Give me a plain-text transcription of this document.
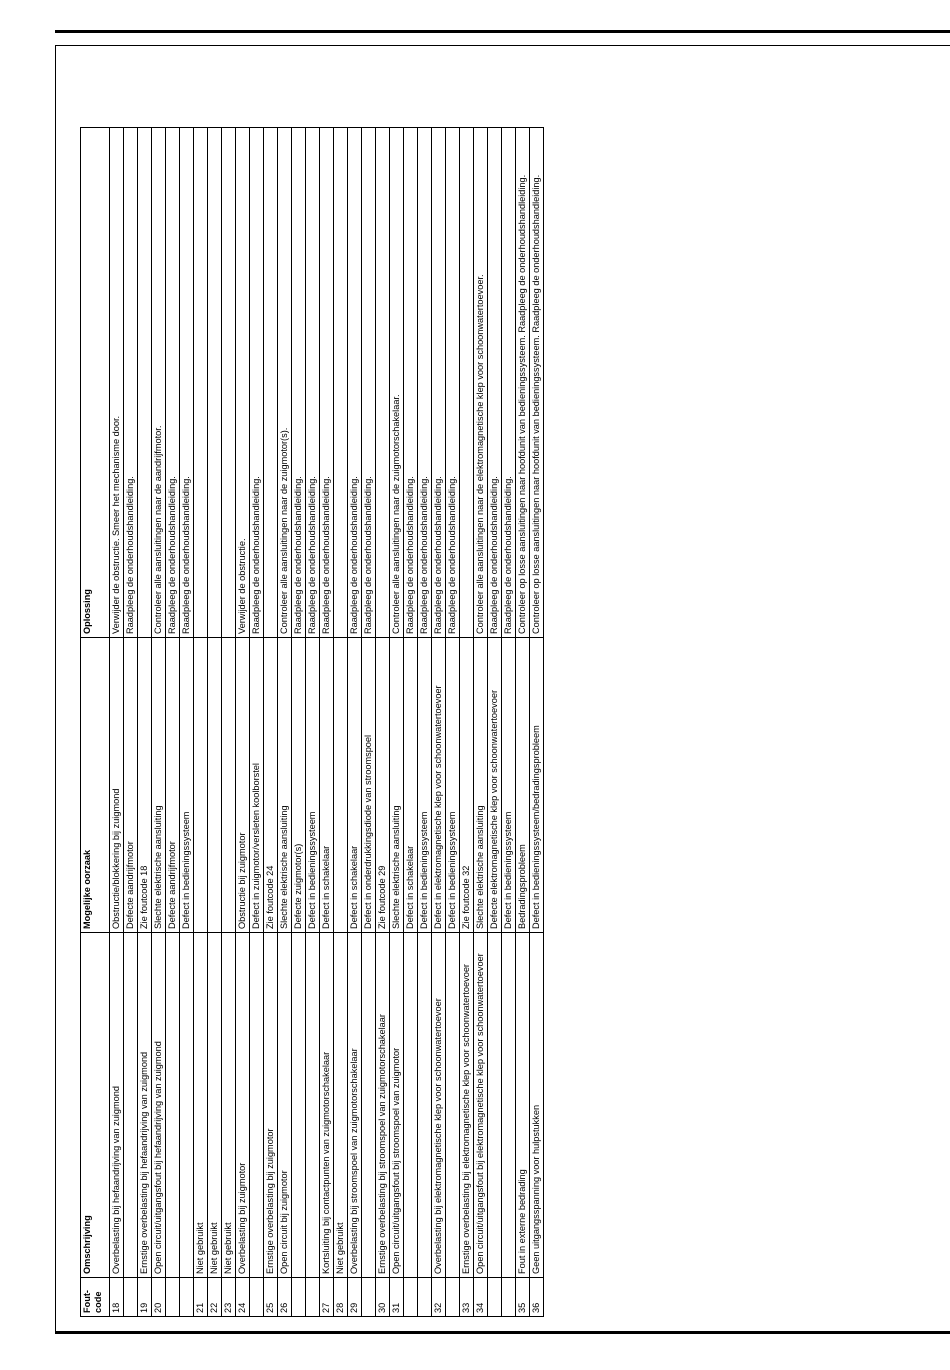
Fout-code	Omschrijving	Mogelijke oorzaak	Oplossing
18	Overbelasting bij hefaandrijving van zuigmond	Obstructie/blokkering bij zuigmond	Verwijder de obstructie. Smeer het mechanisme door.
		Defecte aandrijfmotor	Raadpleeg de onderhoudshandleiding.
19	Ernstige overbelasting bij hefaandrijving van zuigmond	Zie foutcode 18	
20	Open circuit/uitgangsfout bij hefaandrijving van zuigmond	Slechte elektrische aansluiting	Controleer alle aansluitingen naar de aandrijfmotor.
		Defecte aandrijfmotor	Raadpleeg de onderhoudshandleiding.
		Defect in bedieningssysteem	Raadpleeg de onderhoudshandleiding.
21	Niet gebruikt		
22	Niet gebruikt		
23	Niet gebruikt		
24	Overbelasting bij zuigmotor	Obstructie bij zuigmotor	Verwijder de obstructie.
		Defect in zuigmotor/versleten koolborstel	Raadpleeg de onderhoudshandleiding.
25	Ernstige overbelasting bij zuigmotor	Zie foutcode 24	
26	Open circuit bij zuigmotor	Slechte elektrische aansluiting	Controleer alle aansluitingen naar de zuigmotor(s).
		Defecte zuigmotor(s)	Raadpleeg de onderhoudshandleiding.
		Defect in bedieningssysteem	Raadpleeg de onderhoudshandleiding.
27	Kortsluiting bij contactpunten van zuigmotorschakelaar	Defect in schakelaar	Raadpleeg de onderhoudshandleiding.
28	Niet gebruikt		
29	Overbelasting bij stroomspoel van zuigmotorschakelaar	Defect in schakelaar	Raadpleeg de onderhoudshandleiding.
		Defect in onderdrukkingsdiode van stroomspoel	Raadpleeg de onderhoudshandleiding.
30	Ernstige overbelasting bij stroomspoel van zuigmotorschakelaar	Zie foutcode 29	
31	Open circuit/uitgangsfout bij stroomspoel van zuigmotor	Slechte elektrische aansluiting	Controleer alle aansluitingen naar de zuigmotorschakelaar.
		Defect in schakelaar	Raadpleeg de onderhoudshandleiding.
		Defect in bedieningssysteem	Raadpleeg de onderhoudshandleiding.
32	Overbelasting bij elektromagnetische klep voor schoonwatertoevoer	Defect in elektromagnetische klep voor schoonwatertoevoer	Raadpleeg de onderhoudshandleiding.
		Defect in bedieningssysteem	Raadpleeg de onderhoudshandleiding.
33	Ernstige overbelasting bij elektromagnetische klep voor schoonwatertoevoer	Zie foutcode 32	
34	Open circuit/uitgangsfout bij elektromagnetische klep voor schoonwatertoevoer	Slechte elektrische aansluiting	Controleer alle aansluitingen naar de elektromagnetische klep voor schoonwatertoevoer.
		Defecte elektromagnetische klep voor schoonwatertoevoer	Raadpleeg de onderhoudshandleiding.
		Defect in bedieningssysteem	Raadpleeg de onderhoudshandleiding.
35	Fout in externe bedrading	Bedradingsprobleem	Controleer op losse aansluitingen naar hoofdunit van bedieningssysteem. Raadpleeg de onderhoudshandleiding.
36	Geen uitgangsspanning voor hulpstukken	Defect in bedieningssysteem/bedradingsprobleem	Controleer op losse aansluitingen naar hoofdunit van bedieningssysteem. Raadpleeg de onderhoudshandleiding.
